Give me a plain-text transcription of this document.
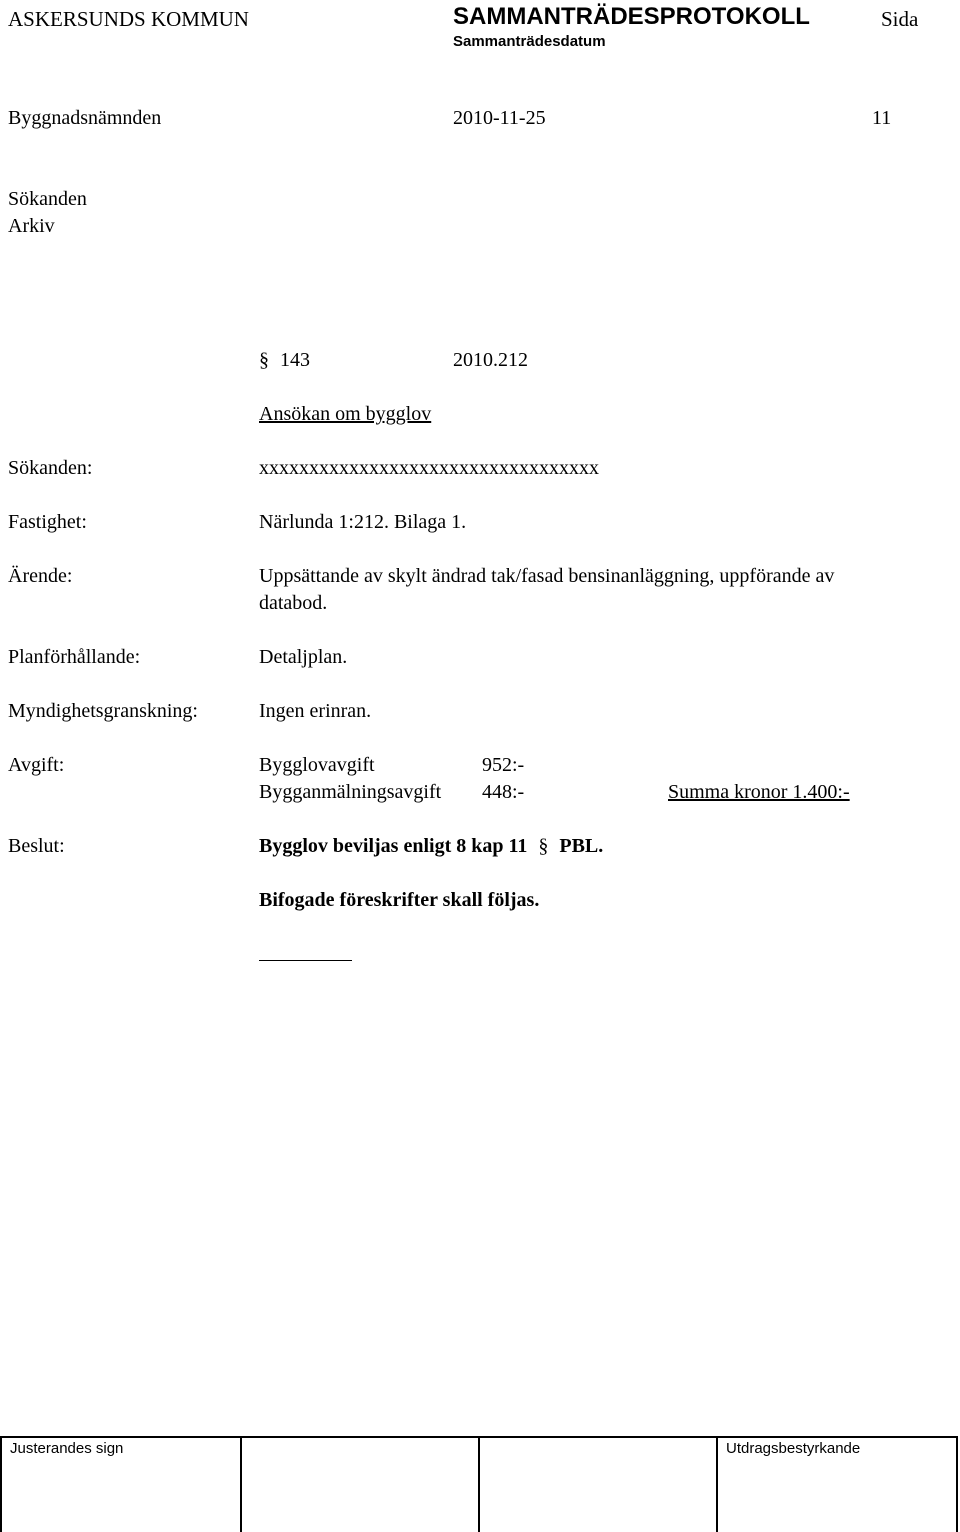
ASKERSUNDS KOMMUN	SAMMANTRÄDESPROTOKOLL	Sida
Sammanträdesdatum
Byggnadsnämnden	2010-11-25	11
Sökanden
Arkiv
§ 143	2010.212
Ansökan om bygglov
Sökanden:	xxxxxxxxxxxxxxxxxxxxxxxxxxxxxxxxxx
Fastighet:	Närlunda 1:212. Bilaga 1.
Ärende:	Uppsättande av skylt ändrad tak/fasad bensinanläggning, uppförande av
databod.
Planförhållande:	Detaljplan.
Myndighetsgranskning:	Ingen erinran.
Avgift:	Bygglovavgift	952:-
Bygganmälningsavgift 448:-	Summa kronor 1.400:-
Beslut:	Bygglov beviljas enligt 8 kap 11 § PBL.
Bifogade föreskrifter skall följas.
Justerandes sign	Utdragsbestyrkande
